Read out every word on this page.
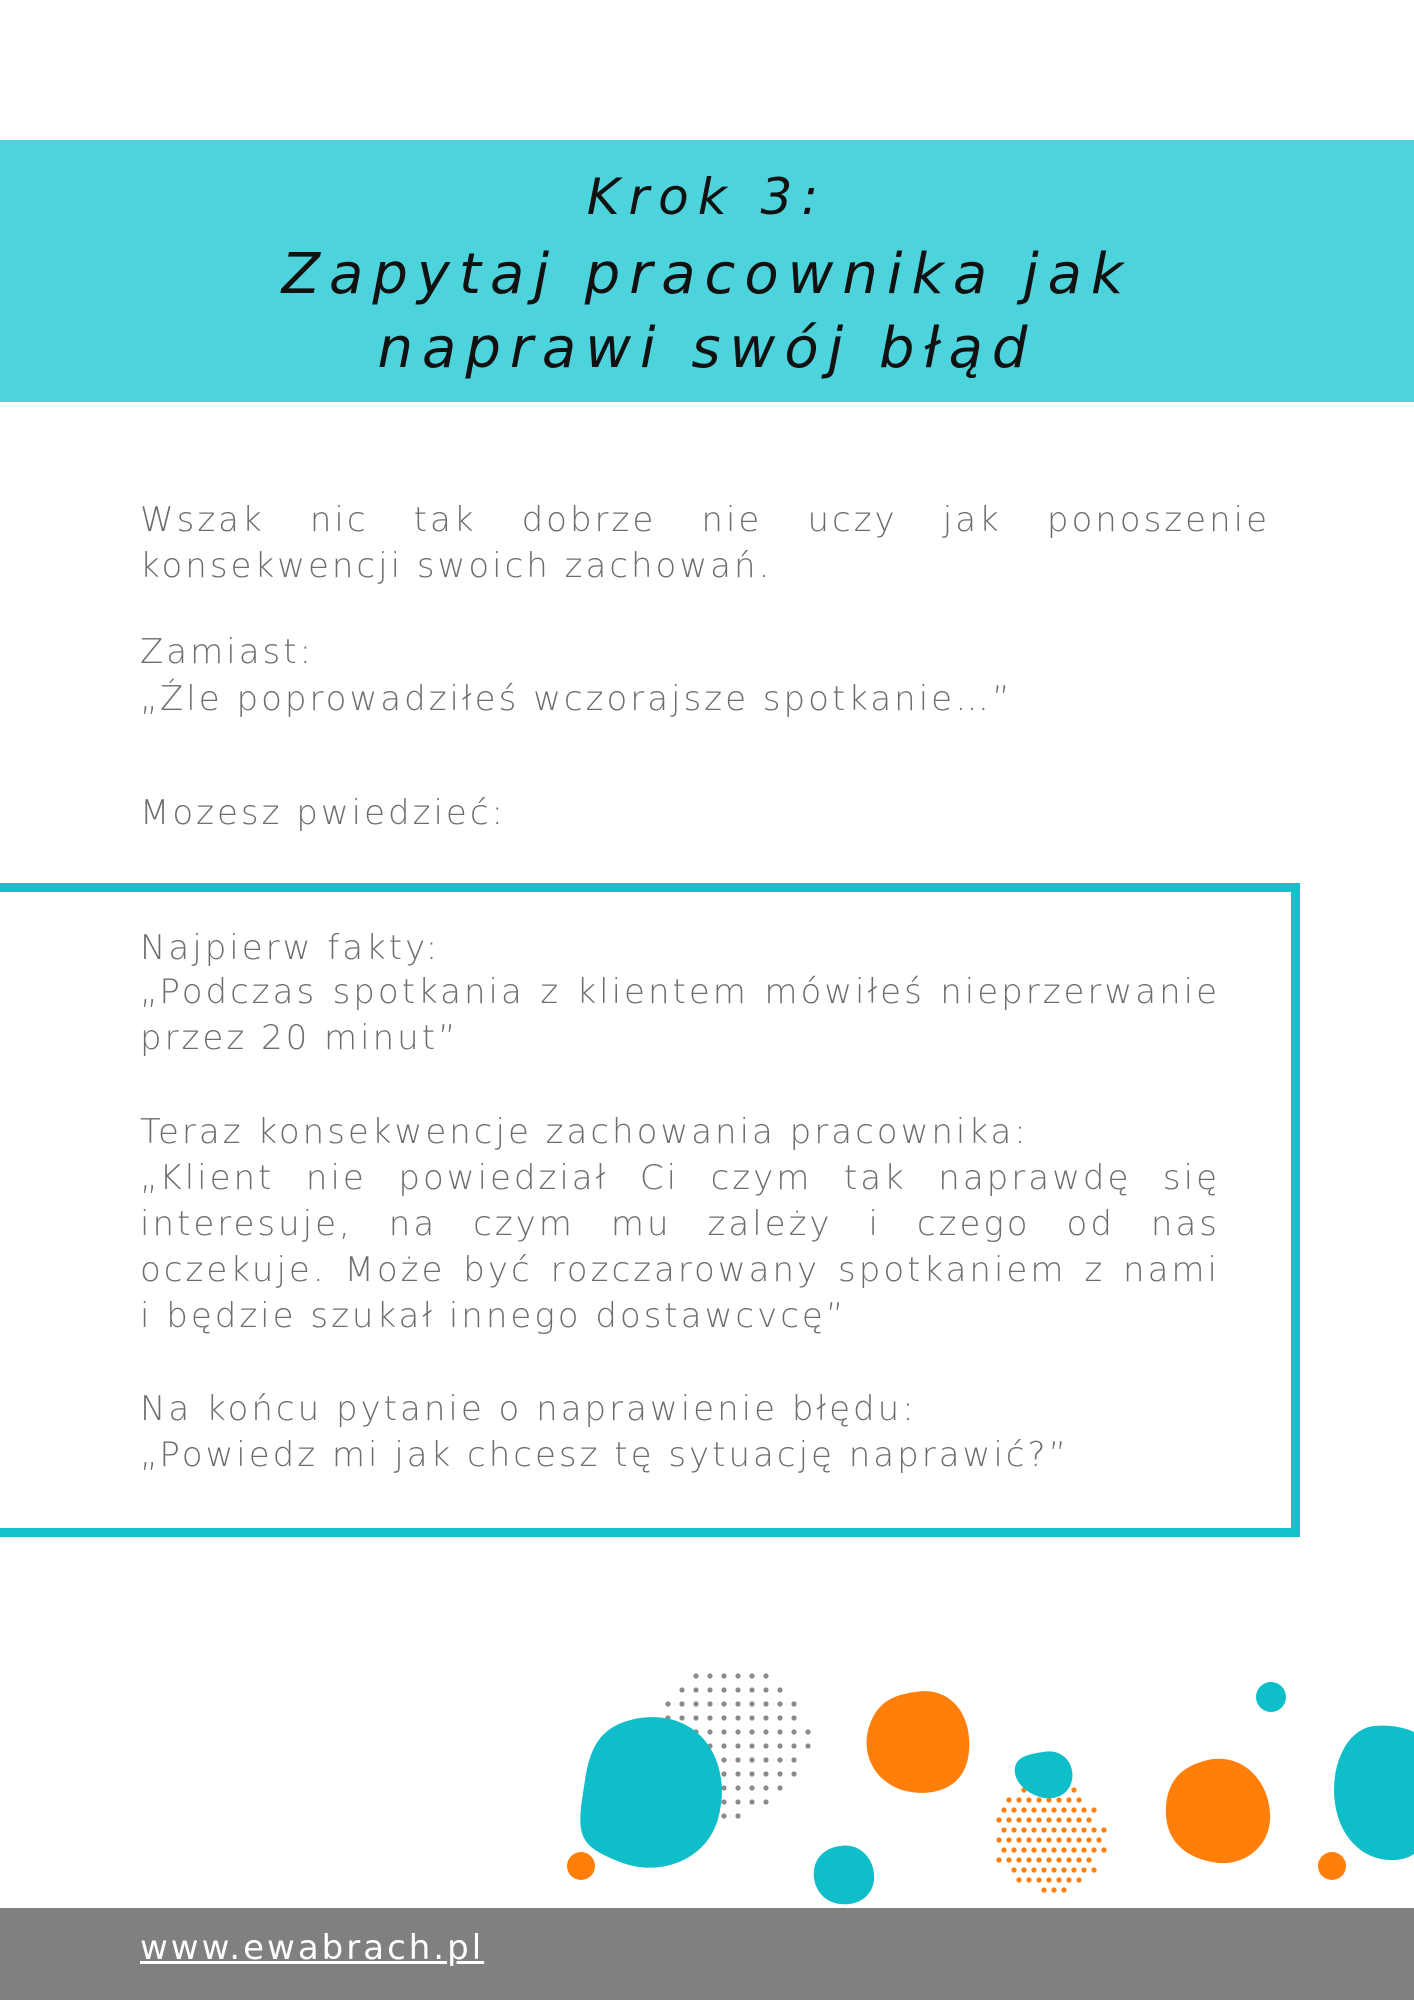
Krok 3:
Zapytaj pracownika jak
naprawi swój błąd

Wszak nic tak dobrze nie uczy jak ponoszenie konsekwencji swoich zachowań.

Zamiast:

„Źle poprowadziłeś wczorajsze spotkanie…”

Mozesz pwiedzieć:

Najpierw fakty:

„Podczas spotkania z klientem mówiłeś nieprzerwanie przez 20 minut”

Teraz konsekwencje zachowania pracownika:

„Klient nie powiedział Ci czym tak naprawdę się interesuje, na czym mu zależy i czego od nas oczekuje. Może być rozczarowany spotkaniem z nami i będzie szukał innego dostawcvcę”

Na końcu pytanie o naprawienie błędu:

„Powiedz mi jak chcesz tę sytuację naprawić?”

www.ewabrach.pl
